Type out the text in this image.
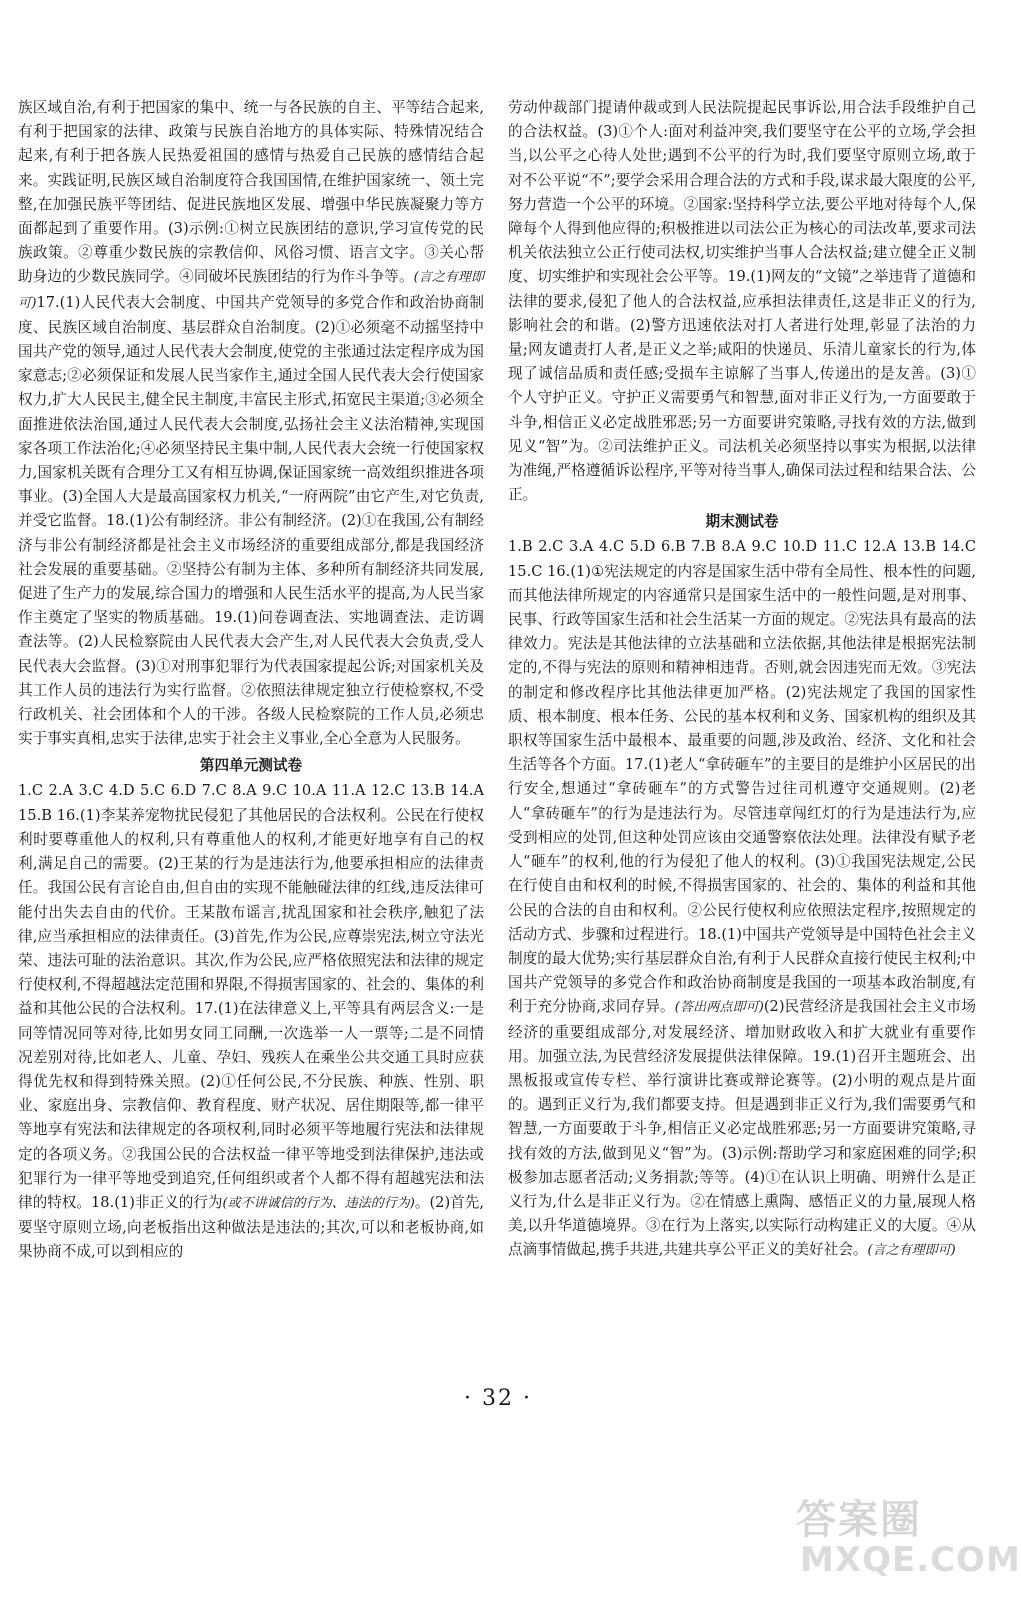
族区域自治,有利于把国家的集中、统一与各民族的自主、平等结合起来,有利于把国家的法律、政策与民族自治地方的具体实际、特殊情况结合起来,有利于把各族人民热爱祖国的感情与热爱自己民族的感情结合起来。实践证明,民族区域自治制度符合我国国情,在维护国家统一、领土完整,在加强民族平等团结、促进民族地区发展、增强中华民族凝聚力等方面都起到了重要作用。(3)示例:①树立民族团结的意识,学习宣传党的民族政策。②尊重少数民族的宗教信仰、风俗习惯、语言文字。③关心帮助身边的少数民族同学。④同破坏民族团结的行为作斗争等。(言之有理即可)17.(1)人民代表大会制度、中国共产党领导的多党合作和政治协商制度、民族区域自治制度、基层群众自治制度。(2)①必须毫不动摇坚持中国共产党的领导,通过人民代表大会制度,使党的主张通过法定程序成为国家意志;②必须保证和发展人民当家作主,通过全国人民代表大会行使国家权力,扩大人民民主,健全民主制度,丰富民主形式,拓宽民主渠道;③必须全面推进依法治国,通过人民代表大会制度,弘扬社会主义法治精神,实现国家各项工作法治化;④必须坚持民主集中制,人民代表大会统一行使国家权力,国家机关既有合理分工又有相互协调,保证国家统一高效组织推进各项事业。(3)全国人大是最高国家权力机关,“一府两院”由它产生,对它负责,并受它监督。18.(1)公有制经济。非公有制经济。(2)①在我国,公有制经济与非公有制经济都是社会主义市场经济的重要组成部分,都是我国经济社会发展的重要基础。②坚持公有制为主体、多种所有制经济共同发展,促进了生产力的发展,综合国力的增强和人民生活水平的提高,为人民当家作主奠定了坚实的物质基础。19.(1)问卷调查法、实地调查法、走访调查法等。(2)人民检察院由人民代表大会产生,对人民代表大会负责,受人民代表大会监督。(3)①对刑事犯罪行为代表国家提起公诉;对国家机关及其工作人员的违法行为实行监督。②依照法律规定独立行使检察权,不受行政机关、社会团体和个人的干涉。各级人民检察院的工作人员,必须忠实于事实真相,忠实于法律,忠实于社会主义事业,全心全意为人民服务。

第四单元测试卷

1.C 2.A 3.C 4.D 5.C 6.D 7.C 8.A 9.C 10.A 11.A 12.C 13.B 14.A 15.B 16.(1)李某养宠物扰民侵犯了其他居民的合法权利。公民在行使权利时要尊重他人的权利,只有尊重他人的权利,才能更好地享有自己的权利,满足自己的需要。(2)王某的行为是违法行为,他要承担相应的法律责任。我国公民有言论自由,但自由的实现不能触碰法律的红线,违反法律可能付出失去自由的代价。王某散布谣言,扰乱国家和社会秩序,触犯了法律,应当承担相应的法律责任。(3)首先,作为公民,应尊崇宪法,树立守法光荣、违法可耻的法治意识。其次,作为公民,应严格依照宪法和法律的规定行使权利,不得超越法定范围和界限,不得损害国家的、社会的、集体的利益和其他公民的合法权利。17.(1)在法律意义上,平等具有两层含义:一是同等情况同等对待,比如男女同工同酬,一次选举一人一票等;二是不同情况差别对待,比如老人、儿童、孕妇、残疾人在乘坐公共交通工具时应获得优先权和得到特殊关照。(2)①任何公民,不分民族、种族、性别、职业、家庭出身、宗教信仰、教育程度、财产状况、居住期限等,都一律平等地享有宪法和法律规定的各项权利,同时必须平等地履行宪法和法律规定的各项义务。②我国公民的合法权益一律平等地受到法律保护,违法或犯罪行为一律平等地受到追究,任何组织或者个人都不得有超越宪法和法律的特权。18.(1)非正义的行为(或不讲诚信的行为、违法的行为)。(2)首先,要坚守原则立场,向老板指出这种做法是违法的;其次,可以和老板协商,如果协商不成,可以到相应的

劳动仲裁部门提请仲裁或到人民法院提起民事诉讼,用合法手段维护自己的合法权益。(3)①个人:面对利益冲突,我们要坚守在公平的立场,学会担当,以公平之心待人处世;遇到不公平的行为时,我们要坚守原则立场,敢于对不公平说“不”;要学会采用合理合法的方式和手段,谋求最大限度的公平,努力营造一个公平的环境。②国家:坚持科学立法,要公平地对待每个人,保障每个人得到他应得的;积极推进以司法公正为核心的司法改革,要求司法机关依法独立公正行使司法权,切实维护当事人合法权益;建立健全正义制度、切实维护和实现社会公平等。19.(1)网友的“文镜”之举违背了道德和法律的要求,侵犯了他人的合法权益,应承担法律责任,这是非正义的行为,影响社会的和谐。(2)警方迅速依法对打人者进行处理,彰显了法治的力量;网友谴责打人者,是正义之举;咸阳的快递员、乐清儿童家长的行为,体现了诚信品质和责任感;受损车主谅解了当事人,传递出的是友善。(3)①个人守护正义。守护正义需要勇气和智慧,面对非正义行为,一方面要敢于斗争,相信正义必定战胜邪恶;另一方面要讲究策略,寻找有效的方法,做到见义“智”为。②司法维护正义。司法机关必须坚持以事实为根据,以法律为准绳,严格遵循诉讼程序,平等对待当事人,确保司法过程和结果合法、公正。

期末测试卷

1.B 2.C 3.A 4.C 5.D 6.B 7.B 8.A 9.C 10.D 11.C 12.A 13.B 14.C 15.C 16.(1)①宪法规定的内容是国家生活中带有全局性、根本性的问题,而其他法律所规定的内容通常只是国家生活中的一般性问题,是对刑事、民事、行政等国家生活和社会生活某一方面的规定。②宪法具有最高的法律效力。宪法是其他法律的立法基础和立法依据,其他法律是根据宪法制定的,不得与宪法的原则和精神相违背。否则,就会因违宪而无效。③宪法的制定和修改程序比其他法律更加严格。(2)宪法规定了我国的国家性质、根本制度、根本任务、公民的基本权利和义务、国家机构的组织及其职权等国家生活中最根本、最重要的问题,涉及政治、经济、文化和社会生活等各个方面。17.(1)老人“拿砖砸车”的主要目的是维护小区居民的出行安全,想通过“拿砖砸车”的方式警告过往司机遵守交通规则。(2)老人“拿砖砸车”的行为是违法行为。尽管违章闯红灯的行为是违法行为,应受到相应的处罚,但这种处罚应该由交通警察依法处理。法律没有赋予老人“砸车”的权利,他的行为侵犯了他人的权利。(3)①我国宪法规定,公民在行使自由和权利的时候,不得损害国家的、社会的、集体的利益和其他公民的合法的自由和权利。②公民行使权利应依照法定程序,按照规定的活动方式、步骤和过程进行。18.(1)中国共产党领导是中国特色社会主义制度的最大优势;实行基层群众自治,有利于人民群众直接行使民主权利;中国共产党领导的多党合作和政治协商制度是我国的一项基本政治制度,有利于充分协商,求同存异。(答出两点即可)(2)民营经济是我国社会主义市场经济的重要组成部分,对发展经济、增加财政收入和扩大就业有重要作用。加强立法,为民营经济发展提供法律保障。19.(1)召开主题班会、出黑板报或宣传专栏、举行演讲比赛或辩论赛等。(2)小明的观点是片面的。遇到正义行为,我们都要支持。但是遇到非正义行为,我们需要勇气和智慧,一方面要敢于斗争,相信正义必定战胜邪恶;另一方面要讲究策略,寻找有效的方法,做到见义“智”为。(3)示例:帮助学习和家庭困难的同学;积极参加志愿者活动;义务捐款;等等。(4)①在认识上明确、明辨什么是正义行为,什么是非正义行为。②在情感上熏陶、感悟正义的力量,展现人格美,以升华道德境界。③在行为上落实,以实际行动构建正义的大厦。④从点滴事情做起,携手共进,共建共享公平正义的美好社会。(言之有理即可)

· 32 ·
答案圈
MXQE.COM
